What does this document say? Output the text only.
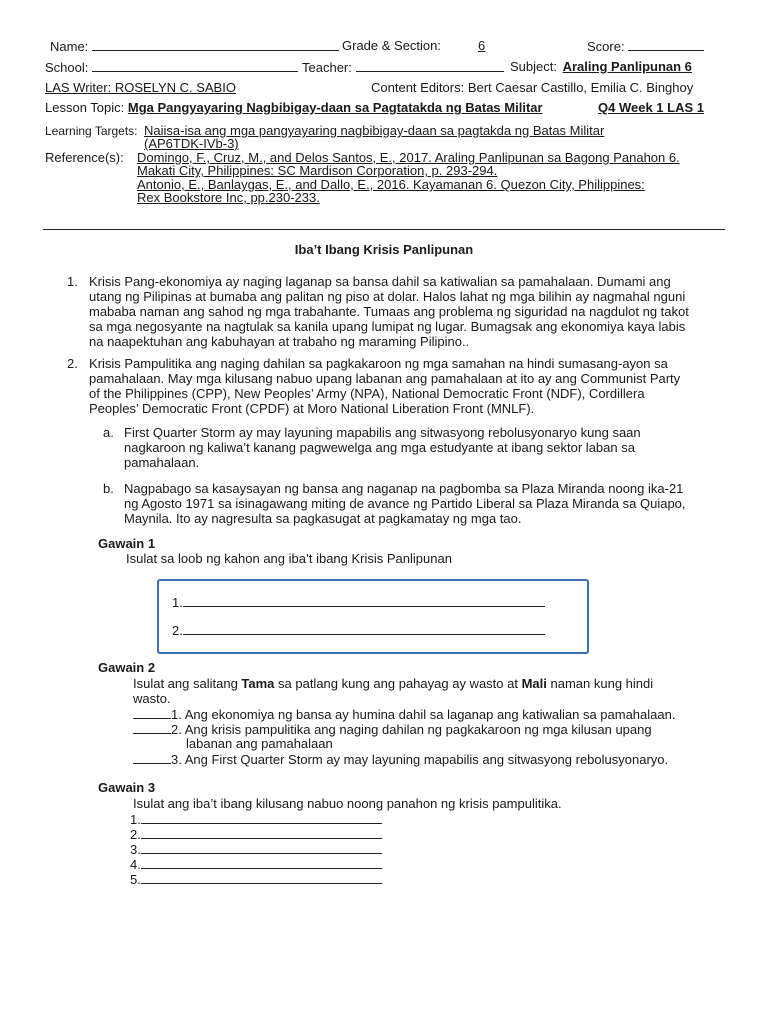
Name:	Grade & Section:	6	Score:
School:	Teacher:	Subject: Araling Panlipunan 6
LAS Writer: ROSELYN C. SABIO	Content Editors: Bert Caesar Castillo, Emilia C. Binghoy
Lesson Topic: Mga Pangyayaring Nagbibigay-daan sa Pagtatakda ng Batas Militar	Q4 Week 1 LAS 1
Learning Targets: Naiisa-isa ang mga pangyayaring nagbibigay-daan sa pagtakda ng Batas Militar
(AP6TDK-IVb-3)
Reference(s): Domingo, F., Cruz, M., and Delos Santos, E., 2017. Araling Panlipunan sa Bagong Panahon 6.
Makati City, Philippines: SC Mardison Corporation, p. 293-294.
Antonio, E., Banlaygas, E., and Dallo, E., 2016. Kayamanan 6. Quezon City, Philippines:
Rex Bookstore Inc, pp.230-233.
Iba’t Ibang Krisis Panlipunan
1. Krisis Pang-ekonomiya ay naging laganap sa bansa dahil sa katiwalian sa pamahalaan. Dumami ang
utang ng Pilipinas at bumaba ang palitan ng piso at dolar. Halos lahat ng mga bilihin ay nagmahal nguni
mababa naman ang sahod ng mga trabahante. Tumaas ang problema ng siguridad na nagdulot ng takot
sa mga negosyante na nagtulak sa kanila upang lumipat ng lugar. Bumagsak ang ekonomiya kaya labis
na naapektuhan ang kabuhayan at trabaho ng maraming Pilipino..
2. Krisis Pampulitika ang naging dahilan sa pagkakaroon ng mga samahan na hindi sumasang-ayon sa
pamahalaan. May mga kilusang nabuo upang labanan ang pamahalaan at ito ay ang Communist Party
of the Philippines (CPP), New Peoples’ Army (NPA), National Democratic Front (NDF), Cordillera
Peoples’ Democratic Front (CPDF) at Moro National Liberation Front (MNLF).
a. First Quarter Storm ay may layuning mapabilis ang sitwasyong rebolusyonaryo kung saan
nagkaroon ng kaliwa’t kanang pagwewelga ang mga estudyante at ibang sektor laban sa
pamahalaan.
b. Nagpabago sa kasaysayan ng bansa ang naganap na pagbomba sa Plaza Miranda noong ika-21
ng Agosto 1971 sa isinagawang miting de avance ng Partido Liberal sa Plaza Miranda sa Quiapo,
Maynila. Ito ay nagresulta sa pagkasugat at pagkamatay ng mga tao.
Gawain 1
Isulat sa loob ng kahon ang iba’t ibang Krisis Panlipunan
1.
2.
Gawain 2
Isulat ang salitang Tama sa patlang kung ang pahayag ay wasto at Mali naman kung hindi
wasto.
1. Ang ekonomiya ng bansa ay humina dahil sa laganap ang katiwalian sa pamahalaan.
2. Ang krisis pampulitika ang naging dahilan ng pagkakaroon ng mga kilusan upang
labanan ang pamahalaan
3. Ang First Quarter Storm ay may layuning mapabilis ang sitwasyong rebolusyonaryo.
Gawain 3
Isulat ang iba’t ibang kilusang nabuo noong panahon ng krisis pampulitika.
1.
2.
3.
4.
5.
